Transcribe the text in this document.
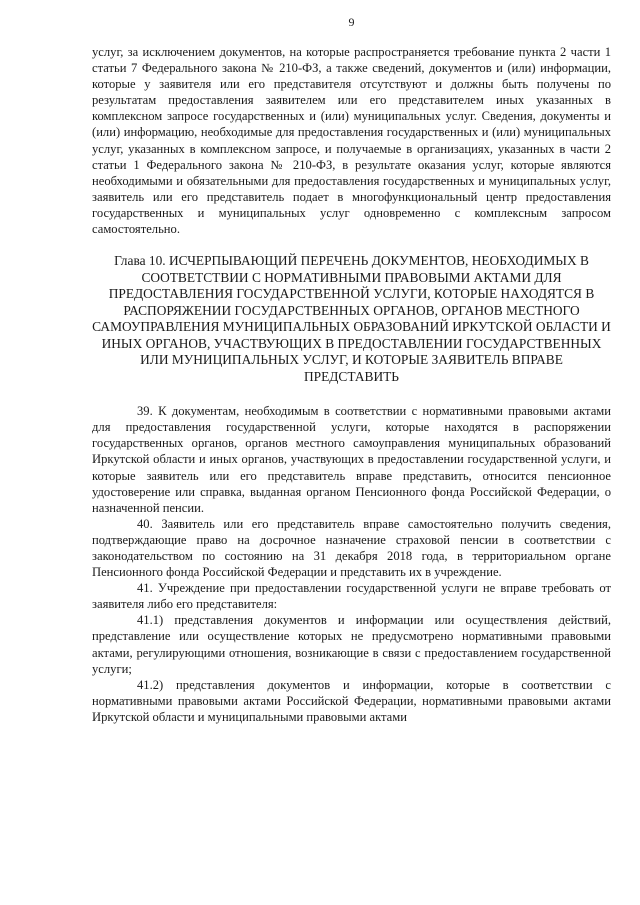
9

услуг, за исключением документов, на которые распространяется требование пункта 2 части 1 статьи 7 Федерального закона № 210-ФЗ, а также сведений, документов и (или) информации, которые у заявителя или его представителя отсутствуют и должны быть получены по результатам предоставления заявителем или его представителем иных указанных в комплексном запросе государственных и (или) муниципальных услуг. Сведения, документы и (или) информацию, необходимые для предоставления государственных и (или) муниципальных услуг, указанных в комплексном запросе, и получаемые в организациях, указанных в части 2 статьи 1 Федерального закона № 210-ФЗ, в результате оказания услуг, которые являются необходимыми и обязательными для предоставления государственных и муниципальных услуг, заявитель или его представитель подает в многофункциональный центр предоставления государственных и муниципальных услуг одновременно с комплексным запросом самостоятельно.

Глава 10. ИСЧЕРПЫВАЮЩИЙ ПЕРЕЧЕНЬ ДОКУМЕНТОВ, НЕОБХОДИМЫХ В СООТВЕТСТВИИ С НОРМАТИВНЫМИ ПРАВОВЫМИ АКТАМИ ДЛЯ ПРЕДОСТАВЛЕНИЯ ГОСУДАРСТВЕННОЙ УСЛУГИ, КОТОРЫЕ НАХОДЯТСЯ В РАСПОРЯЖЕНИИ ГОСУДАРСТВЕННЫХ ОРГАНОВ, ОРГАНОВ МЕСТНОГО САМОУПРАВЛЕНИЯ МУНИЦИПАЛЬНЫХ ОБРАЗОВАНИЙ ИРКУТСКОЙ ОБЛАСТИ И ИНЫХ ОРГАНОВ, УЧАСТВУЮЩИХ В ПРЕДОСТАВЛЕНИИ ГОСУДАРСТВЕННЫХ ИЛИ МУНИЦИПАЛЬНЫХ УСЛУГ, И КОТОРЫЕ ЗАЯВИТЕЛЬ ВПРАВЕ ПРЕДСТАВИТЬ

39. К документам, необходимым в соответствии с нормативными правовыми актами для предоставления государственной услуги, которые находятся в распоряжении государственных органов, органов местного самоуправления муниципальных образований Иркутской области и иных органов, участвующих в предоставлении государственной услуги, и которые заявитель или его представитель вправе представить, относится пенсионное удостоверение или справка, выданная органом Пенсионного фонда Российской Федерации, о назначенной пенсии.

40. Заявитель или его представитель вправе самостоятельно получить сведения, подтверждающие право на досрочное назначение страховой пенсии в соответствии с законодательством по состоянию на 31 декабря 2018 года, в территориальном органе Пенсионного фонда Российской Федерации и представить их в учреждение.

41. Учреждение при предоставлении государственной услуги не вправе требовать от заявителя либо его представителя:

41.1) представления документов и информации или осуществления действий, представление или осуществление которых не предусмотрено нормативными правовыми актами, регулирующими отношения, возникающие в связи с предоставлением государственной услуги;

41.2) представления документов и информации, которые в соответствии с нормативными правовыми актами Российской Федерации, нормативными правовыми актами Иркутской области и муниципальными правовыми актами
